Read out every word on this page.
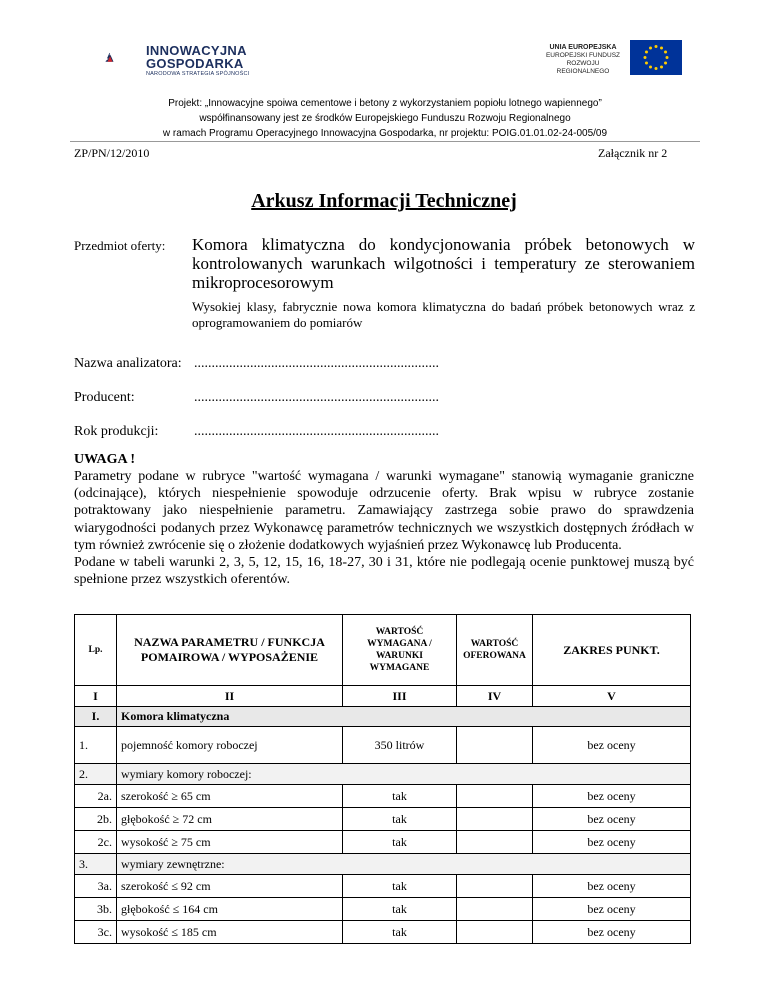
INNOWACYJNA
GOSPODARKA
NARODOWA STRATEGIA SPÓJNOŚCI
UNIA EUROPEJSKA
EUROPEJSKI FUNDUSZ
ROZWOJU REGIONALNEGO
Projekt: „Innowacyjne spoiwa cementowe i betony z wykorzystaniem popiołu lotnego wapiennego”
współfinansowany jest ze środków Europejskiego Funduszu Rozwoju Regionalnego
w ramach Programu Operacyjnego Innowacyjna Gospodarka, nr projektu: POIG.01.01.02-24-005/09
ZP/PN/12/2010	Załącznik nr 2
Arkusz Informacji Technicznej
Przedmiot oferty: Komora klimatyczna do kondycjonowania próbek betonowych w kontrolowanych warunkach wilgotności i temperatury ze sterowaniem mikroprocesorowym
Wysokiej klasy, fabrycznie nowa komora klimatyczna do badań próbek betonowych wraz z oprogramowaniem do pomiarów
Nazwa analizatora: ......................................................................
Producent:	......................................................................
Rok produkcji:	......................................................................
UWAGA !

Parametry podane w rubryce "wartość wymagana / warunki wymagane" stanowią wymaganie graniczne (odcinające), których niespełnienie spowoduje odrzucenie oferty. Brak wpisu w rubryce zostanie potraktowany jako niespełnienie parametru. Zamawiający zastrzega sobie prawo do sprawdzenia wiarygodności podanych przez Wykonawcę parametrów technicznych we wszystkich dostępnych źródłach w tym również zwrócenie się o złożenie dodatkowych wyjaśnień przez Wykonawcę lub Producenta.

Podane w tabeli warunki 2, 3, 5, 12, 15, 16, 18-27, 30 i 31, które nie podlegają ocenie punktowej muszą być spełnione przez wszystkich oferentów.

Lp.	NAZWA PARAMETRU / FUNKCJA POMAIROWA / WYPOSAŻENIE	WARTOŚĆ WYMAGANA / WARUNKI WYMAGANE	WARTOŚĆ OFEROWANA	ZAKRES PUNKT.
I	II	III	IV	V
I.	Komora klimatyczna			
1.	pojemność komory roboczej	350 litrów		bez oceny
2.	wymiary komory roboczej:			
2a.	szerokość ≥ 65 cm	tak		bez oceny
2b.	głębokość ≥ 72 cm	tak		bez oceny
2c.	wysokość ≥ 75 cm	tak		bez oceny
3.	wymiary zewnętrzne:			
3a.	szerokość ≤ 92 cm	tak		bez oceny
3b.	głębokość ≤ 164 cm	tak		bez oceny
3c.	wysokość ≤ 185 cm	tak		bez oceny
